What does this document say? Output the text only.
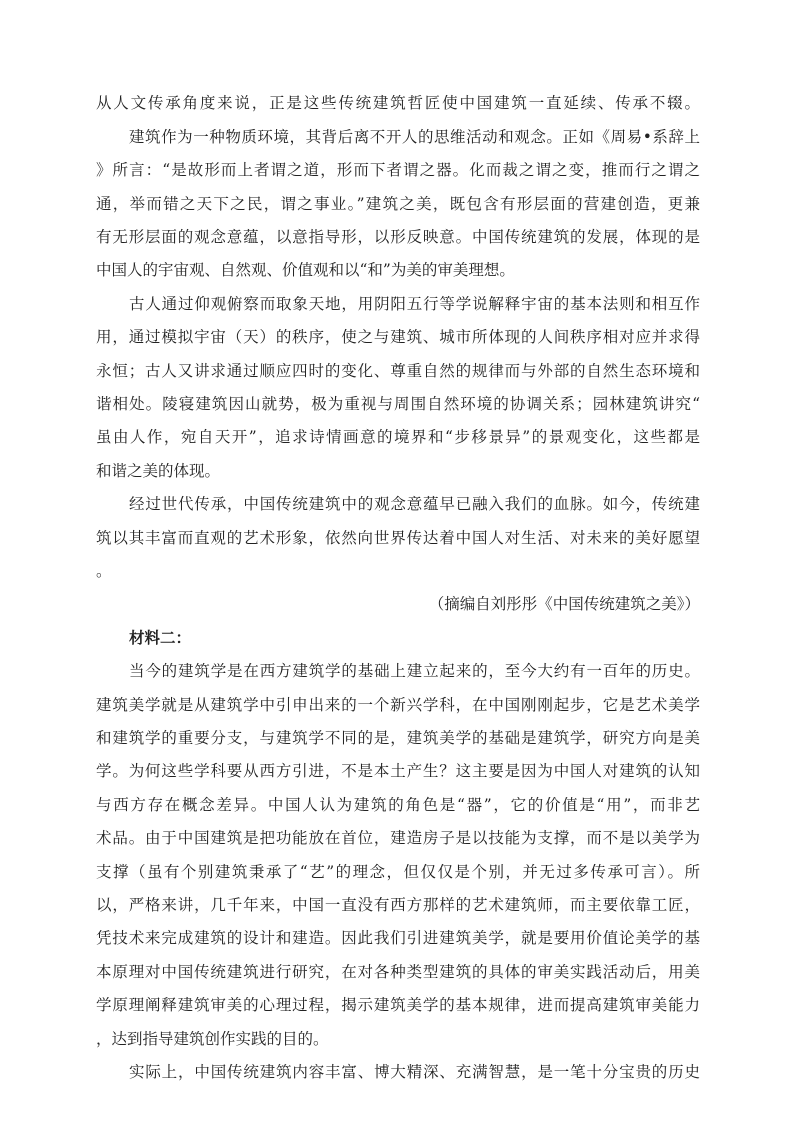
从人文传承角度来说，正是这些传统建筑哲匠使中国建筑一直延续、传承不辍。
建筑作为一种物质环境，其背后离不开人的思维活动和观念。正如《周易•系辞上
》所言：“是故形而上者谓之道，形而下者谓之器。化而裁之谓之变，推而行之谓之
通，举而错之天下之民，谓之事业。”建筑之美，既包含有形层面的营建创造，更兼
有无形层面的观念意蕴，以意指导形，以形反映意。中国传统建筑的发展，体现的是
中国人的宇宙观、自然观、价值观和以“和”为美的审美理想。
古人通过仰观俯察而取象天地，用阴阳五行等学说解释宇宙的基本法则和相互作
用，通过模拟宇宙（天）的秩序，使之与建筑、城市所体现的人间秩序相对应并求得
永恒；古人又讲求通过顺应四时的变化、尊重自然的规律而与外部的自然生态环境和
谐相处。陵寝建筑因山就势，极为重视与周围自然环境的协调关系；园林建筑讲究“
虽由人作，宛自天开”，追求诗情画意的境界和“步移景异”的景观变化，这些都是
和谐之美的体现。
经过世代传承，中国传统建筑中的观念意蕴早已融入我们的血脉。如今，传统建
筑以其丰富而直观的艺术形象，依然向世界传达着中国人对生活、对未来的美好愿望
。
（摘编自刘彤彤《中国传统建筑之美》）
材料二：
当今的建筑学是在西方建筑学的基础上建立起来的，至今大约有一百年的历史。
建筑美学就是从建筑学中引申出来的一个新兴学科，在中国刚刚起步，它是艺术美学
和建筑学的重要分支，与建筑学不同的是，建筑美学的基础是建筑学，研究方向是美
学。为何这些学科要从西方引进，不是本土产生？这主要是因为中国人对建筑的认知
与西方存在概念差异。中国人认为建筑的角色是“器”，它的价值是“用”，而非艺
术品。由于中国建筑是把功能放在首位，建造房子是以技能为支撑，而不是以美学为
支撑（虽有个别建筑秉承了“艺”的理念，但仅仅是个别，并无过多传承可言）。所
以，严格来讲，几千年来，中国一直没有西方那样的艺术建筑师，而主要依靠工匠，
凭技术来完成建筑的设计和建造。因此我们引进建筑美学，就是要用价值论美学的基
本原理对中国传统建筑进行研究，在对各种类型建筑的具体的审美实践活动后，用美
学原理阐释建筑审美的心理过程，揭示建筑美学的基本规律，进而提高建筑审美能力
，达到指导建筑创作实践的目的。
实际上，中国传统建筑内容丰富、博大精深、充满智慧，是一笔十分宝贵的历史
